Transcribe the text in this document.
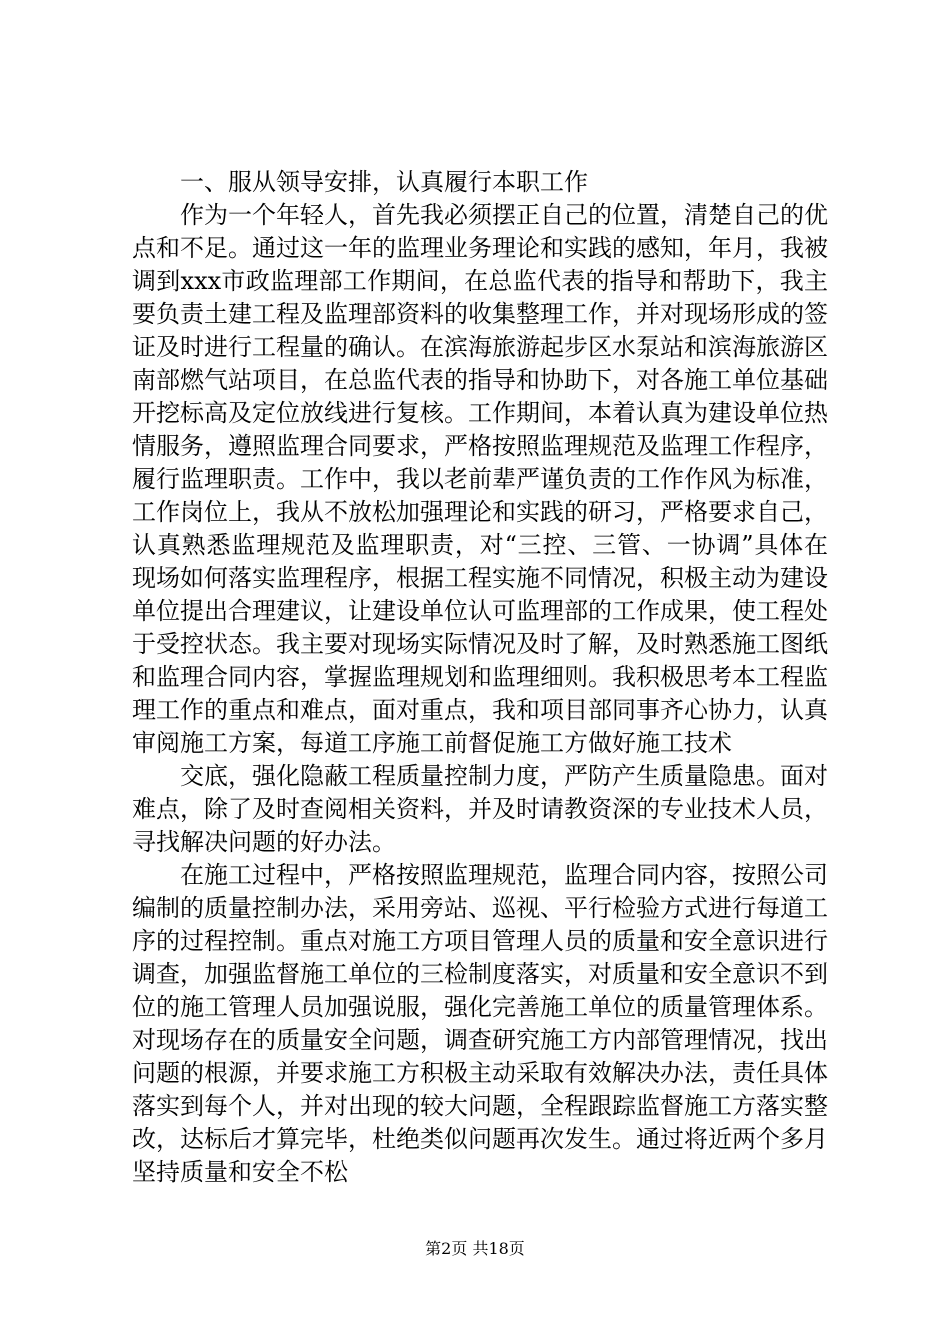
一、服从领导安排，认真履行本职工作

作为一个年轻人，首先我必须摆正自己的位置，清楚自己的优点和不足。通过这一年的监理业务理论和实践的感知，年月，我被调到xxx市政监理部工作期间，在总监代表的指导和帮助下，我主要负责土建工程及监理部资料的收集整理工作，并对现场形成的签证及时进行工程量的确认。在滨海旅游起步区水泵站和滨海旅游区南部燃气站项目，在总监代表的指导和协助下，对各施工单位基础开挖标高及定位放线进行复核。工作期间，本着认真为建设单位热情服务，遵照监理合同要求，严格按照监理规范及监理工作程序，履行监理职责。工作中，我以老前辈严谨负责的工作作风为标准，工作岗位上，我从不放松加强理论和实践的研习，严格要求自己，认真熟悉监理规范及监理职责，对“三控、三管、一协调”具体在现场如何落实监理程序，根据工程实施不同情况，积极主动为建设单位提出合理建议，让建设单位认可监理部的工作成果，使工程处于受控状态。我主要对现场实际情况及时了解，及时熟悉施工图纸和监理合同内容，掌握监理规划和监理细则。我积极思考本工程监理工作的重点和难点，面对重点，我和项目部同事齐心协力，认真审阅施工方案，每道工序施工前督促施工方做好施工技术

交底，强化隐蔽工程质量控制力度，严防产生质量隐患。面对难点，除了及时查阅相关资料，并及时请教资深的专业技术人员，寻找解决问题的好办法。

在施工过程中，严格按照监理规范，监理合同内容，按照公司编制的质量控制办法，采用旁站、巡视、平行检验方式进行每道工序的过程控制。重点对施工方项目管理人员的质量和安全意识进行调查，加强监督施工单位的三检制度落实，对质量和安全意识不到位的施工管理人员加强说服，强化完善施工单位的质量管理体系。对现场存在的质量安全问题，调查研究施工方内部管理情况，找出问题的根源，并要求施工方积极主动采取有效解决办法，责任具体落实到每个人，并对出现的较大问题，全程跟踪监督施工方落实整改，达标后才算完毕，杜绝类似问题再次发生。通过将近两个多月坚持质量和安全不松

第2页 共18页
